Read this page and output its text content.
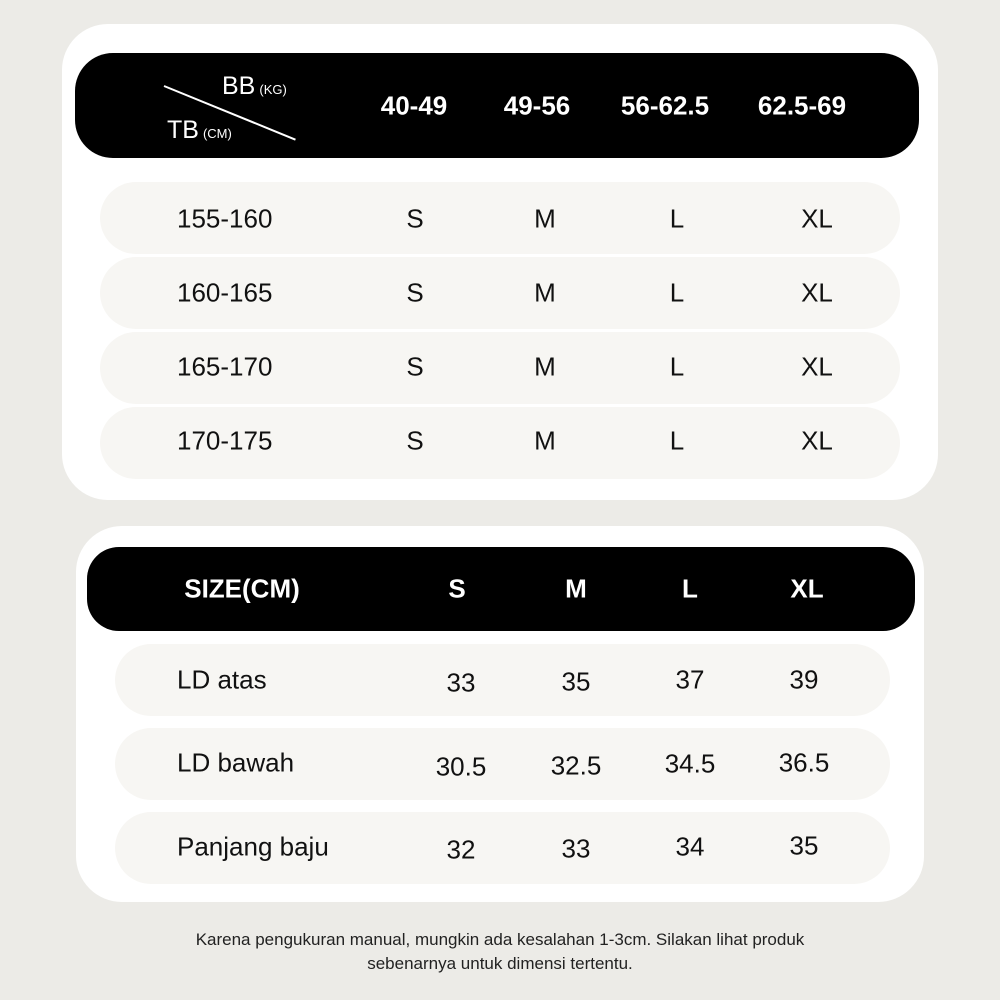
BB (KG)
TB (CM)
40-49 49-56 56-62.5 62.5-69
155-160	S	M	L	XL
160-165	S	M	L	XL
165-170	S	M	L	XL
170-175	S	M	L	XL
SIZE(CM)	S	M	L	XL
LD atas	33	35	37	39
LD bawah	30.5 32.5 34.5 36.5
Panjang baju	32	33	34	35
Karena pengukuran manual, mungkin ada kesalahan 1-3cm. Silakan lihat produk
sebenarnya untuk dimensi tertentu.
